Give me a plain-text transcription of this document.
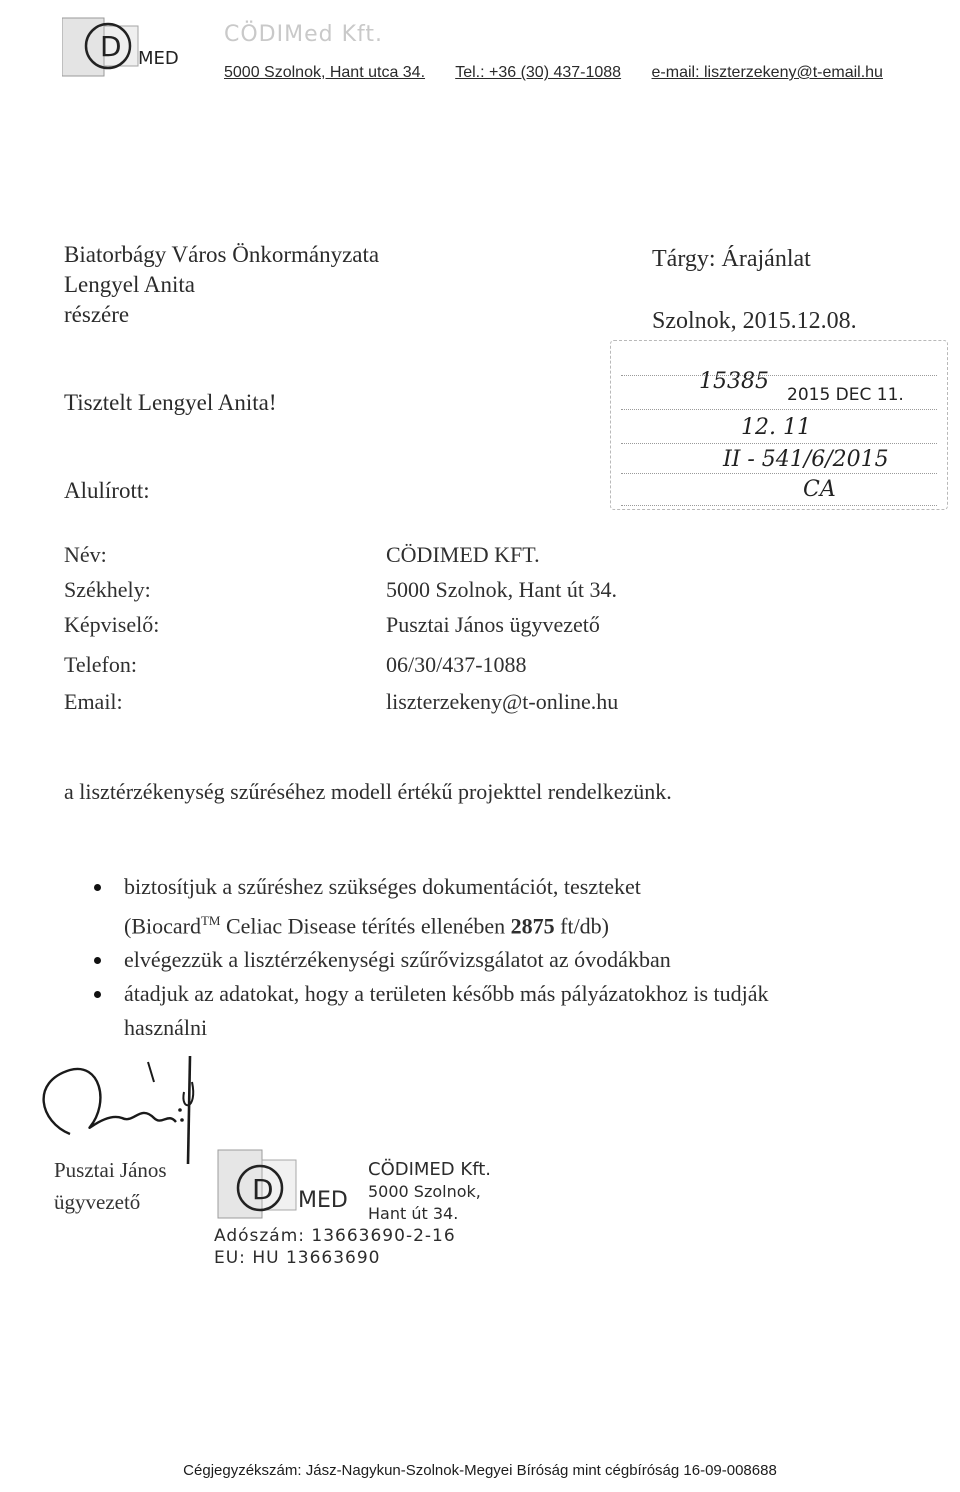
D MED
CÖDIMed Kft.
5000 Szolnok, Hant utca 34. Tel.: +36 (30) 437-1088 e-mail: liszterzekeny@t-email.hu
Biatorbágy Város Önkormányzata
Lengyel Anita
részére
Tárgy: Árajánlat
Szolnok, 2015.12.08.
Tisztelt Lengyel Anita!
Alulírott:
15385
2015 DEC 11.
12. 11
II - 541/6/2015
CA
Név:
Székhely:
Képviselő:
Telefon:
Email:
CÖDIMED KFT.
5000 Szolnok, Hant út 34.
Pusztai János ügyvezető
06/30/437-1088
liszterzekeny@t-online.hu
a lisztérzékenység szűréséhez modell értékű projekttel rendelkezünk.
biztosítjuk a szűréshez szükséges dokumentációt, teszteket
(Biocard™ Celiac Disease térítés ellenében 2875 ft/db)
elvégezzük a lisztérzékenységi szűrővizsgálatot az óvodákban
átadjuk az adatokat, hogy a területen később más pályázatokhoz is tudják
használni
Pusztai János
ügyvezető	D MED
CÖDIMED Kft.
5000 Szolnok,
Hant út 34.
Adószám: 13663690-2-16
EU: HU 13663690
Cégjegyzékszám: Jász-Nagykun-Szolnok-Megyei Bíróság mint cégbíróság 16-09-008688
